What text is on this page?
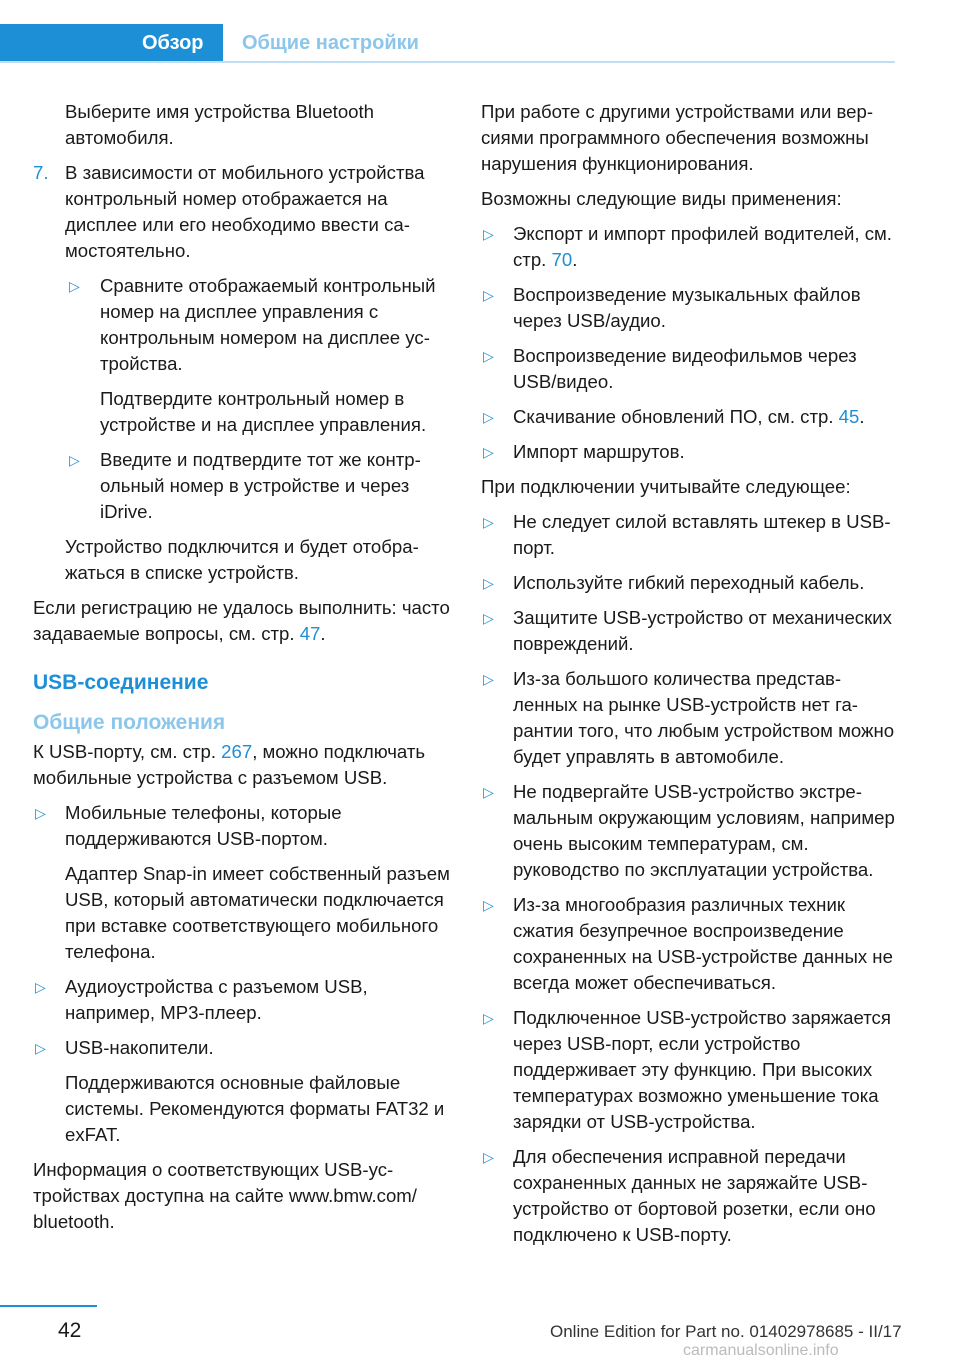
Обзор	Общие настройки

Выберите имя устройства Bluetooth автомобиля.

7. В зависимости от мобильного устройства контрольный номер отображается на дисплее или его необходимо ввести самостоятельно.
▷ Сравните отображаемый контрольный номер на дисплее управления с контрольным номером на дисплее устройства.

Подтвердите контрольный номер в устройстве и на дисплее управления.

▷ Введите и подтвердите тот же контрольный номер в устройстве и через iDrive.

Устройство подключится и будет отображаться в списке устройств.

Если регистрацию не удалось выполнить: часто задаваемые вопросы, см. стр. 47.

USB-соединение
Общие положения

К USB-порту, см. стр. 267, можно подключать мобильные устройства с разъемом USB.

▷ Мобильные телефоны, которые поддерживаются USB-портом.

Адаптер Snap-in имеет собственный разъем USB, который автоматически подключается при вставке соответствующего мобильного телефона.

▷ Аудиоустройства с разъемом USB, например, MP3-плеер.
▷ USB-накопители.

Поддерживаются основные файловые системы. Рекомендуются форматы FAT32 и exFAT.

Информация о соответствующих USB-устройствах доступна на сайте www.bmw.com/ bluetooth.

При работе с другими устройствами или версиями программного обеспечения возможны нарушения функционирования.

Возможны следующие виды применения:

▷ Экспорт и импорт профилей водителей, см. стр. 70.
▷ Воспроизведение музыкальных файлов через USB/аудио.
▷ Воспроизведение видеофильмов через USB/видео.
▷ Скачивание обновлений ПО, см. стр. 45.
▷ Импорт маршрутов.

При подключении учитывайте следующее:

▷ Не следует силой вставлять штекер в USB-порт.
▷ Используйте гибкий переходный кабель.
▷ Защитите USB-устройство от механических повреждений.
▷ Из-за большого количества представленных на рынке USB-устройств нет гарантии того, что любым устройством можно будет управлять в автомобиле.
▷ Не подвергайте USB-устройство экстремальным окружающим условиям, например очень высоким температурам, см. руководство по эксплуатации устройства.
▷ Из-за многообразия различных техник сжатия безупречное воспроизведение сохраненных на USB-устройстве данных не всегда может обеспечиваться.
▷ Подключенное USB-устройство заряжается через USB-порт, если устройство поддерживает эту функцию. При высоких температурах возможно уменьшение тока зарядки от USB-устройства.
▷ Для обеспечения исправной передачи сохраненных данных не заряжайте USB-устройство от бортовой розетки, если оно подключено к USB-порту.
42	Online Edition for Part no. 01402978685 - II/17
carmanualsonline.info
